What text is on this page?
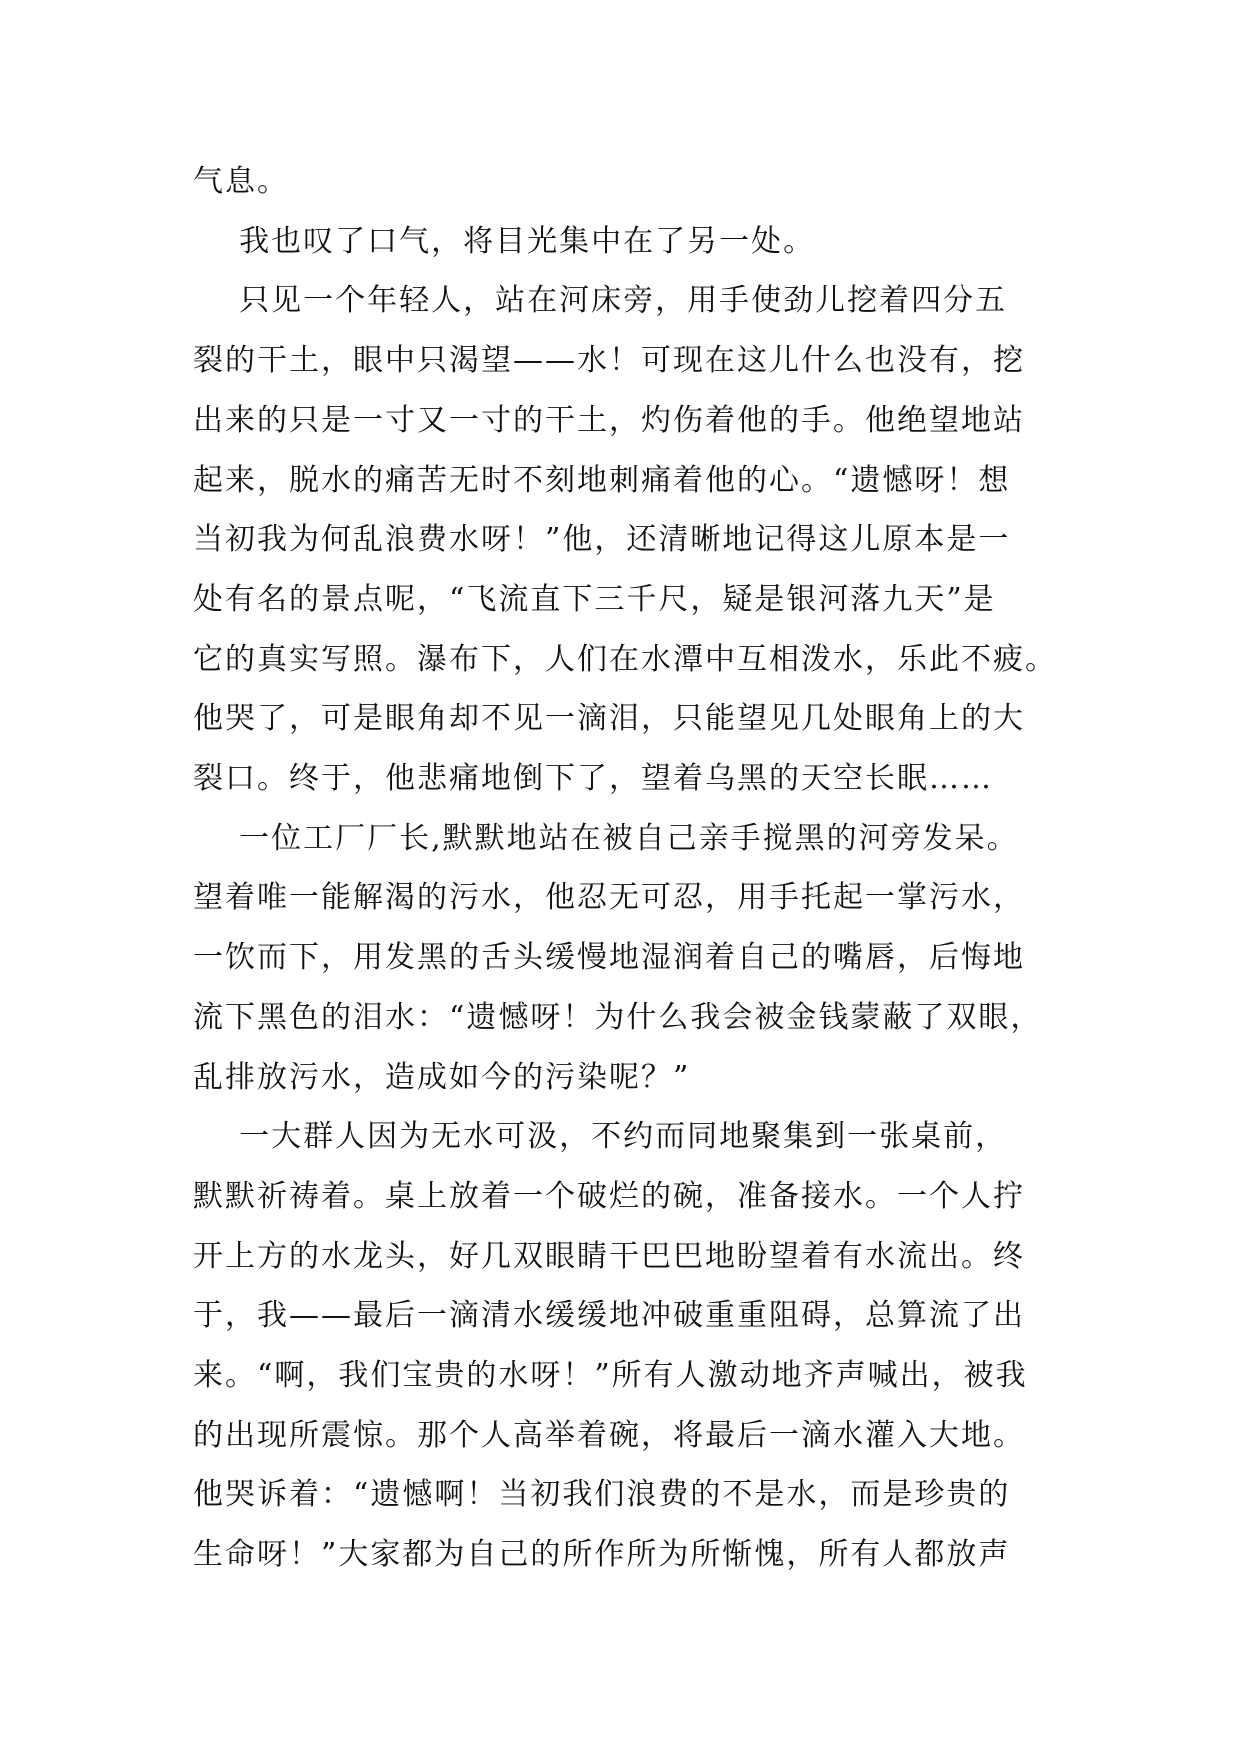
气息。

我也叹了口气，将目光集中在了另一处。

只见一个年轻人，站在河床旁，用手使劲儿挖着四分五

裂的干土，眼中只渴望——水！可现在这儿什么也没有，挖

出来的只是一寸又一寸的干土，灼伤着他的手。他绝望地站

起来，脱水的痛苦无时不刻地刺痛着他的心。“遗憾呀！想

当初我为何乱浪费水呀！”他，还清晰地记得这儿原本是一

处有名的景点呢，“飞流直下三千尺，疑是银河落九天”是

它的真实写照。瀑布下，人们在水潭中互相泼水，乐此不疲。

他哭了，可是眼角却不见一滴泪，只能望见几处眼角上的大

裂口。终于，他悲痛地倒下了，望着乌黑的天空长眠……

一位工厂厂长,默默地站在被自己亲手搅黑的河旁发呆。

望着唯一能解渴的污水，他忍无可忍，用手托起一掌污水，

一饮而下，用发黑的舌头缓慢地湿润着自己的嘴唇，后悔地

流下黑色的泪水：“遗憾呀！为什么我会被金钱蒙蔽了双眼，

乱排放污水，造成如今的污染呢？”

一大群人因为无水可汲，不约而同地聚集到一张桌前，

默默祈祷着。桌上放着一个破烂的碗，准备接水。一个人拧

开上方的水龙头，好几双眼睛干巴巴地盼望着有水流出。终

于，我——最后一滴清水缓缓地冲破重重阻碍，总算流了出

来。“啊，我们宝贵的水呀！”所有人激动地齐声喊出，被我

的出现所震惊。那个人高举着碗，将最后一滴水灌入大地。

他哭诉着：“遗憾啊！当初我们浪费的不是水，而是珍贵的

生命呀！”大家都为自己的所作所为所惭愧，所有人都放声
